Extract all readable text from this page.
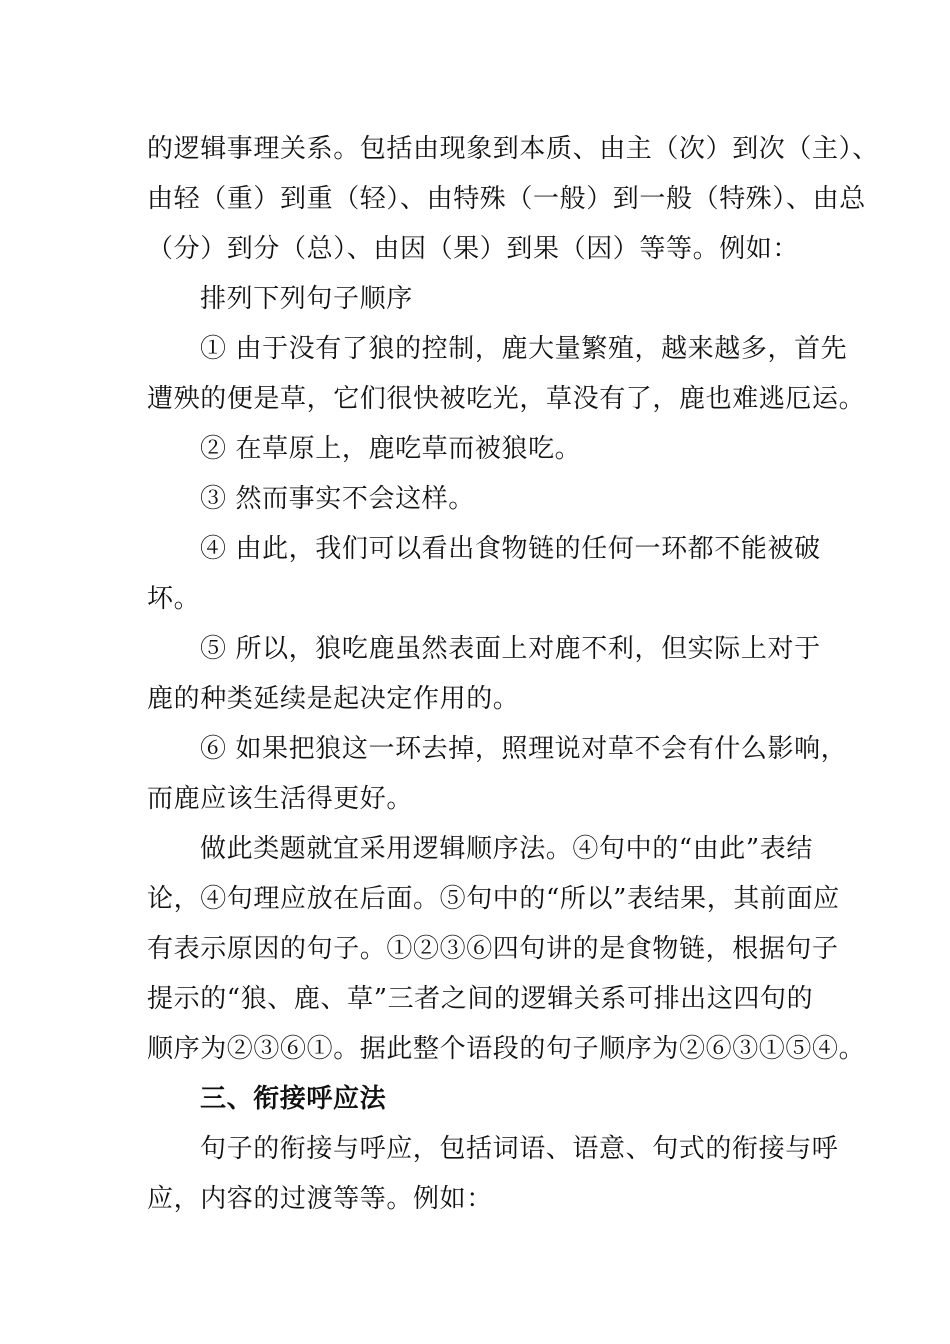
的逻辑事理关系。包括由现象到本质、由主（次）到次（主）、
由轻（重）到重（轻）、由特殊（一般）到一般（特殊）、由总
（分）到分（总）、由因（果）到果（因）等等。例如：
排列下列句子顺序
① 由于没有了狼的控制，鹿大量繁殖，越来越多，首先
遭殃的便是草，它们很快被吃光，草没有了，鹿也难逃厄运。
② 在草原上，鹿吃草而被狼吃。
③ 然而事实不会这样。
④ 由此，我们可以看出食物链的任何一环都不能被破
坏。
⑤ 所以，狼吃鹿虽然表面上对鹿不利，但实际上对于
鹿的种类延续是起决定作用的。
⑥ 如果把狼这一环去掉，照理说对草不会有什么影响，
而鹿应该生活得更好。
做此类题就宜采用逻辑顺序法。④句中的“由此”表结
论，④句理应放在后面。⑤句中的“所以”表结果，其前面应
有表示原因的句子。①②③⑥四句讲的是食物链，根据句子
提示的“狼、鹿、草”三者之间的逻辑关系可排出这四句的
顺序为②③⑥①。据此整个语段的句子顺序为②⑥③①⑤④。
三、衔接呼应法
句子的衔接与呼应，包括词语、语意、句式的衔接与呼
应，内容的过渡等等。例如：
